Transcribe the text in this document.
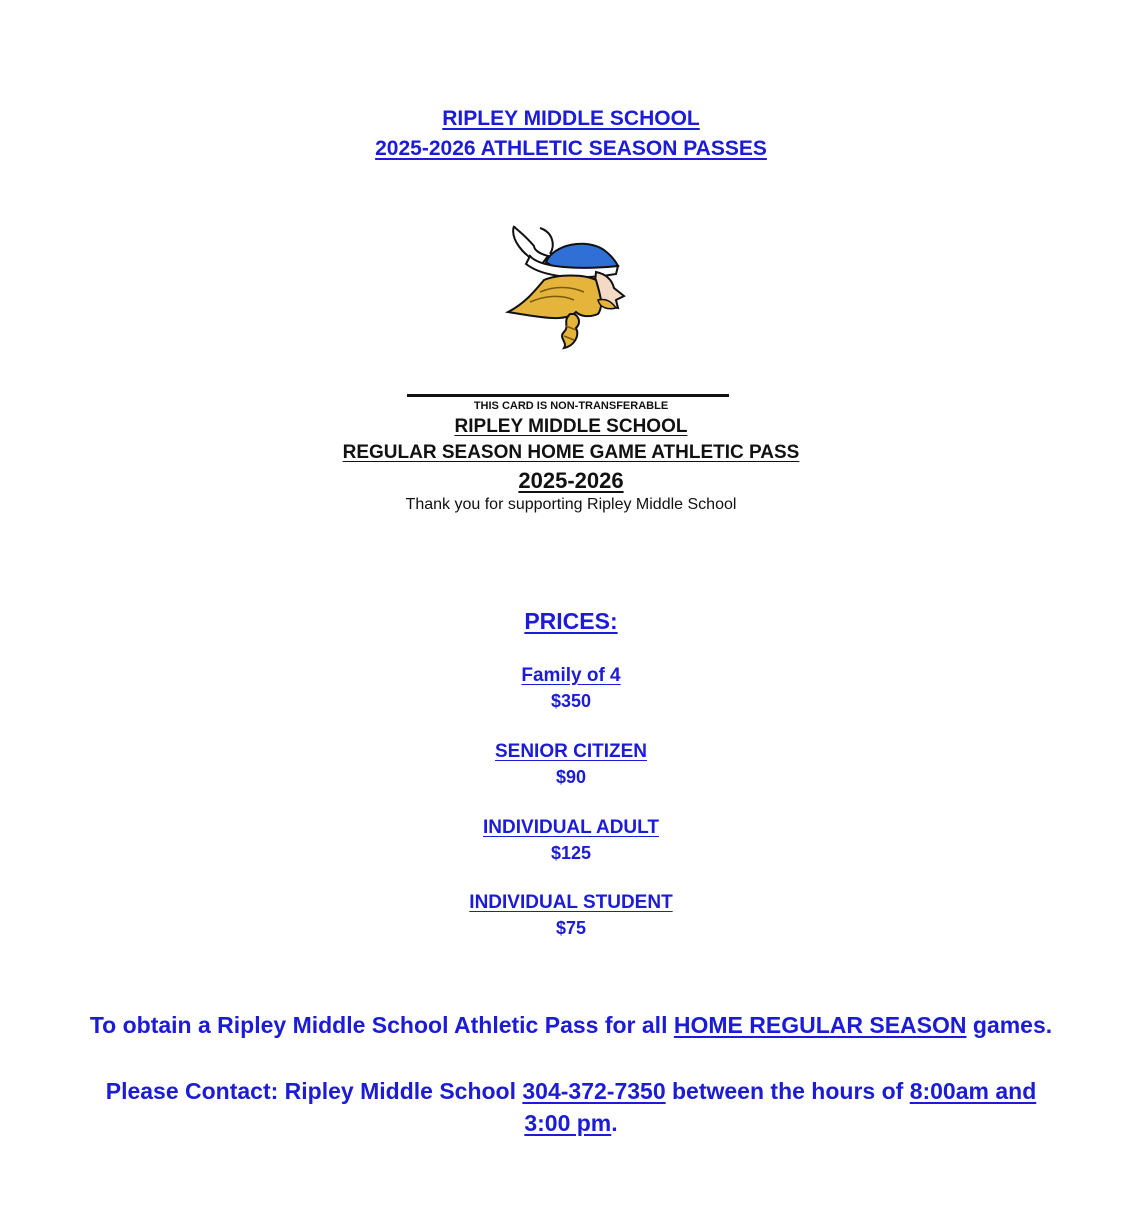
RIPLEY MIDDLE SCHOOL
2025-2026 ATHLETIC SEASON PASSES
THIS CARD IS NON-TRANSFERABLE
RIPLEY MIDDLE SCHOOL
REGULAR SEASON HOME GAME ATHLETIC PASS
2025-2026
Thank you for supporting Ripley Middle School
PRICES:
Family of 4
$350
SENIOR CITIZEN
$90
INDIVIDUAL ADULT
$125
INDIVIDUAL STUDENT
$75
To obtain a Ripley Middle School Athletic Pass for all HOME REGULAR SEASON games.
Please Contact: Ripley Middle School 304-372-7350 between the hours of 8:00am and 3:00 pm.
